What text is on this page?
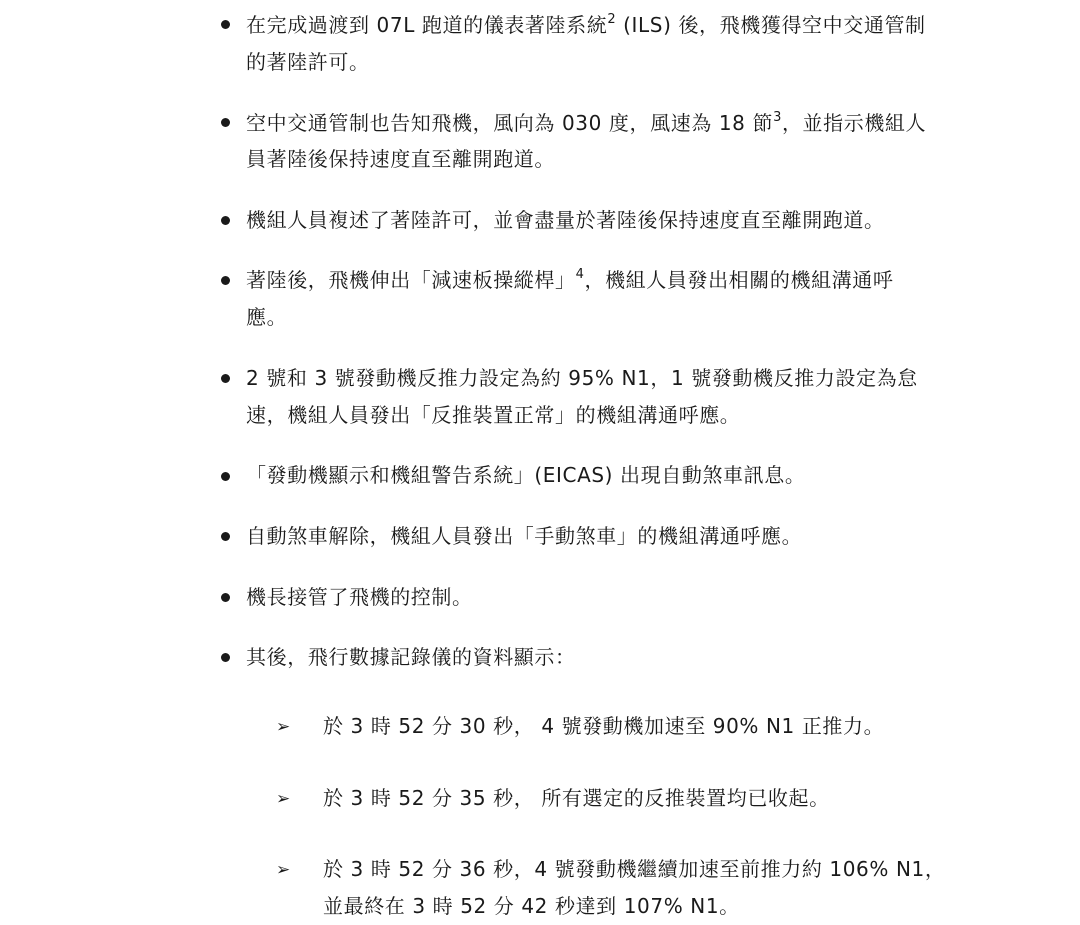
在完成過渡到 07L 跑道的儀表著陸系統$^2$ (ILS) 後，飛機獲得空中交通管制
的著陸許可。
空中交通管制也告知飛機，風向為 030 度，風速為 18 節$^3$，並指示機組人
員著陸後保持速度直至離開跑道。
機組人員複述了著陸許可，並會盡量於著陸後保持速度直至離開跑道。
著陸後，飛機伸出「減速板操縱桿」$^4$，機組人員發出相關的機組溝通呼
應。
2 號和 3 號發動機反推力設定為約 95% N1，1 號發動機反推力設定為怠
速，機組人員發出「反推裝置正常」的機組溝通呼應。
「發動機顯示和機組警告系統」(EICAS) 出現自動煞車訊息。
自動煞車解除，機組人員發出「手動煞車」的機組溝通呼應。
機長接管了飛機的控制。
其後，飛行數據記錄儀的資料顯示：
➢ 於 3 時 52 分 30 秒， 4 號發動機加速至 90% N1 正推力。
➢ 於 3 時 52 分 35 秒， 所有選定的反推裝置均已收起。
➢ 於 3 時 52 分 36 秒，4 號發動機繼續加速至前推力約 106% N1，
並最終在 3 時 52 分 42 秒達到 107% N1。
